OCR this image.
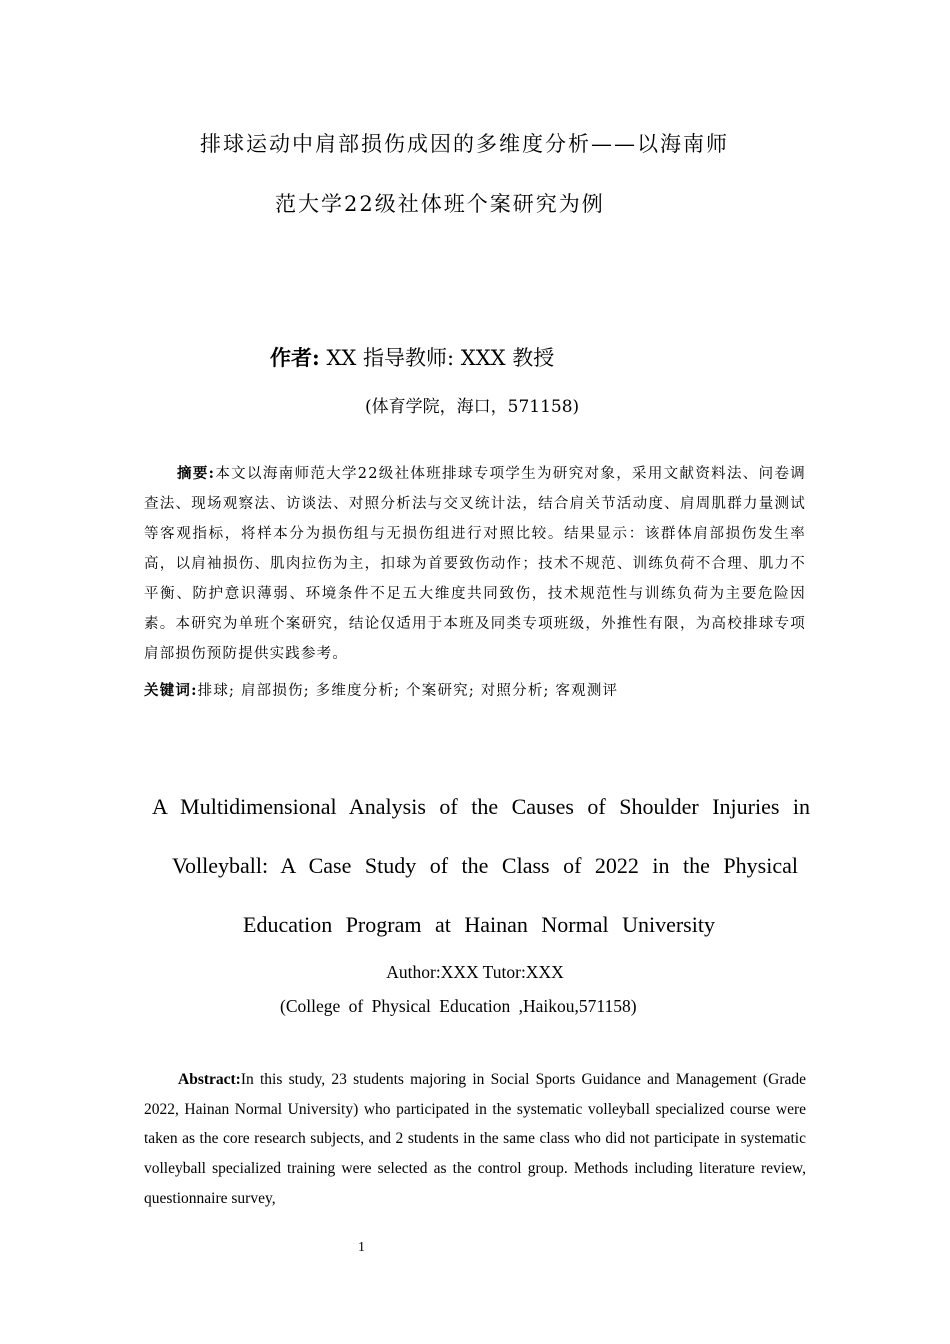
排球运动中肩部损伤成因的多维度分析——以海南师
范大学22级社体班个案研究为例
作者: XX 指导教师: XXX 教授
(体育学院，海口，571158)
摘要:本文以海南师范大学22级社体班排球专项学生为研究对象，采用文献资料法、问卷调查法、现场观察法、访谈法、对照分析法与交叉统计法，结合肩关节活动度、肩周肌群力量测试等客观指标，将样本分为损伤组与无损伤组进行对照比较。结果显示：该群体肩部损伤发生率高，以肩袖损伤、肌肉拉伤为主，扣球为首要致伤动作；技术不规范、训练负荷不合理、肌力不平衡、防护意识薄弱、环境条件不足五大维度共同致伤，技术规范性与训练负荷为主要危险因素。本研究为单班个案研究，结论仅适用于本班及同类专项班级，外推性有限，为高校排球专项肩部损伤预防提供实践参考。
关键词:排球; 肩部损伤; 多维度分析; 个案研究; 对照分析; 客观测评
A Multidimensional Analysis of the Causes of Shoulder Injuries in
Volleyball: A Case Study of the Class of 2022 in the Physical
Education Program at Hainan Normal University
Author:XXX Tutor:XXX
(College of Physical Education ,Haikou,571158)
Abstract:In this study, 23 students majoring in Social Sports Guidance and Management (Grade 2022, Hainan Normal University) who participated in the systematic volleyball specialized course were taken as the core research subjects, and 2 students in the same class who did not participate in systematic volleyball specialized training were selected as the control group. Methods including literature review, questionnaire survey,
1
